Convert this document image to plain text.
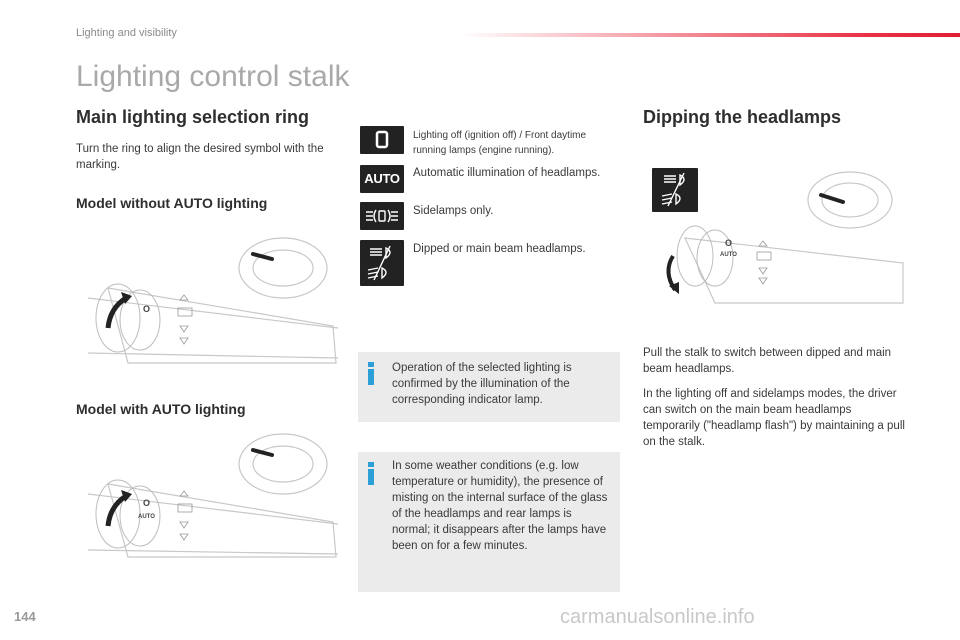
Lighting and visibility
Lighting control stalk
Main lighting selection ring
Turn the ring to align the desired symbol with the marking.
Model without AUTO lighting
Model with AUTO lighting
O
O
AUTO
Lighting off (ignition off) / Front daytime running lamps (engine running).
AUTO	Automatic illumination of headlamps.
Sidelamps only.
Dipped or main beam headlamps.
Operation of the selected lighting is confirmed by the illumination of the corresponding indicator lamp.
In some weather conditions (e.g. low temperature or humidity), the presence of misting on the internal surface of the glass of the headlamps and rear lamps is normal; it disappears after the lamps have been on for a few minutes.
Dipping the headlamps
O
AUTO
Pull the stalk to switch between dipped and main beam headlamps.
In the lighting off and sidelamps modes, the driver can switch on the main beam headlamps temporarily ("headlamp flash") by maintaining a pull on the stalk.
144	carmanualsonline.info
